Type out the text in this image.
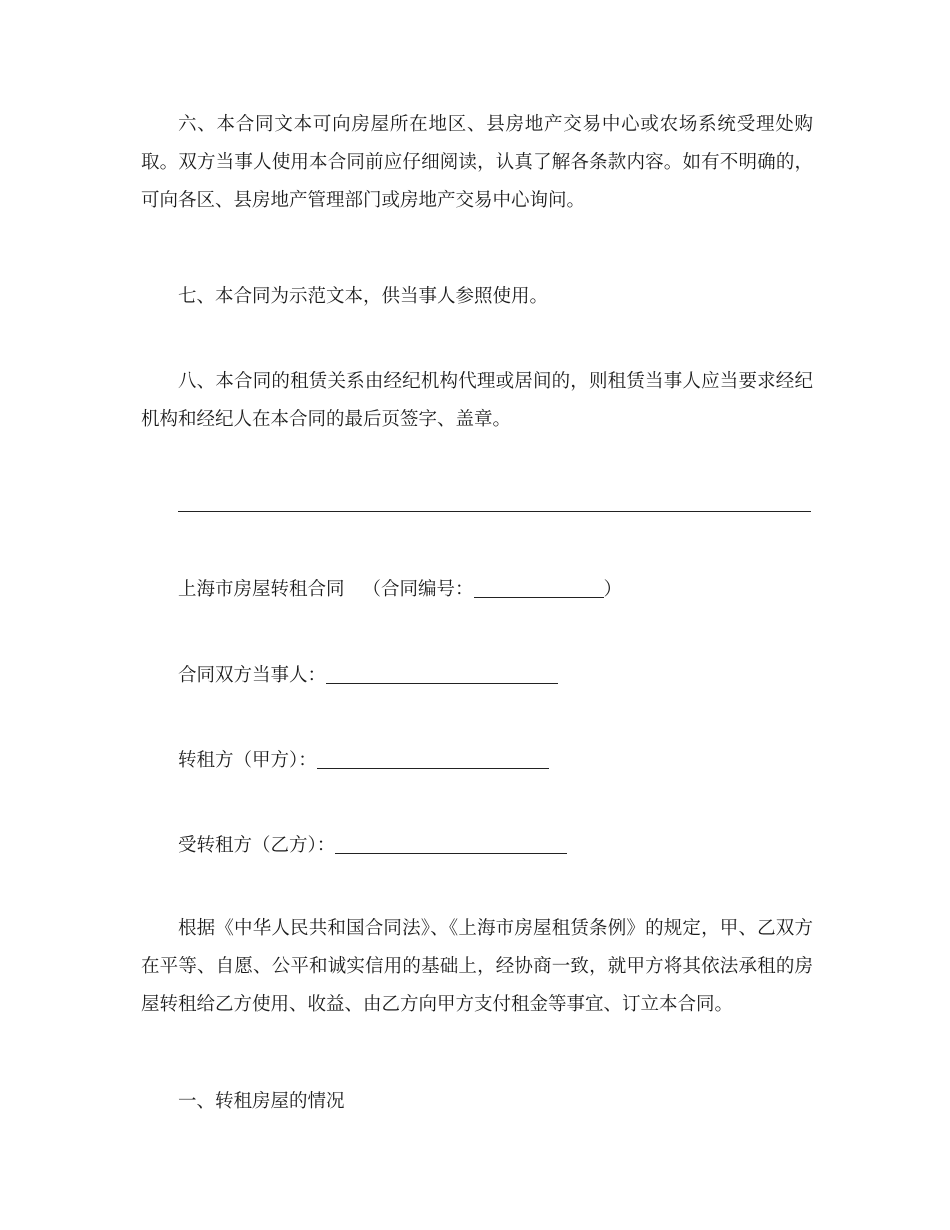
六、本合同文本可向房屋所在地区、县房地产交易中心或农场系统受理处购取。双方当事人使用本合同前应仔细阅读，认真了解各条款内容。如有不明确的，可向各区、县房地产管理部门或房地产交易中心询问。

七、本合同为示范文本，供当事人参照使用。

八、本合同的租赁关系由经纪机构代理或居间的，则租赁当事人应当要求经纪机构和经纪人在本合同的最后页签字、盖章。

上海市房屋转租合同 （合同编号：	）
合同双方当事人：
转租方（甲方）：
受转租方（乙方）：

根据《中华人民共和国合同法》、《上海市房屋租赁条例》的规定，甲、乙双方在平等、自愿、公平和诚实信用的基础上，经协商一致，就甲方将其依法承租的房屋转租给乙方使用、收益、由乙方向甲方支付租金等事宜、订立本合同。

一、转租房屋的情况
